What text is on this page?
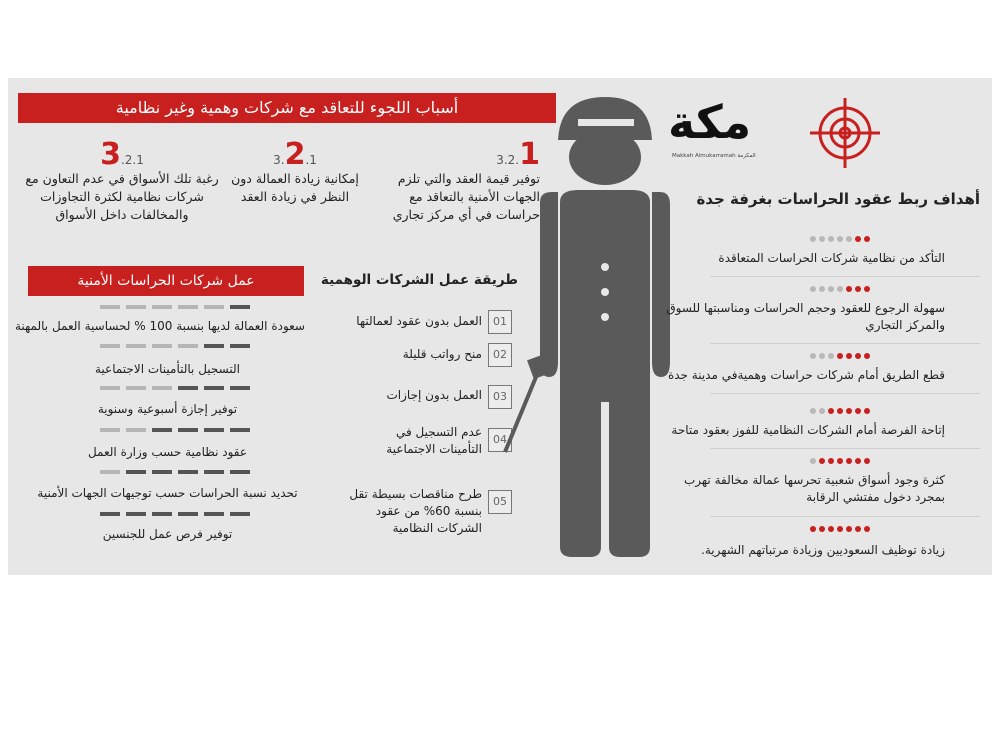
أسباب اللجوء للتعاقد مع شركات وهمية وغير نظامية
3.2.1
توفير قيمة العقد والتي تلزم الجهات الأمنية بالتعاقد مع حراسات في أي مركز تجاري
3.2.1
إمكانية زيادة العمالة دون النظر في زيادة العقد
3.2.1
رغبة تلك الأسواق في عدم التعاون مع شركات نظامية لكثرة التجاوزات والمخالفات داخل الأسواق
عمل شركات الحراسات الأمنية
سعودة العمالة لديها بنسبة 100 % لحساسية العمل بالمهنة
التسجيل بالتأمينات الاجتماعية
توفير إجازة أسبوعية وسنوية
عقود نظامية حسب وزارة العمل
تحديد نسبة الحراسات حسب توجيهات الجهات الأمنية
توفير فرص عمل للجنسين
طريقة عمل الشركات الوهمية
01
العمل بدون عقود لعمالتها
02
منح رواتب قليلة
03
العمل بدون إجازات
04
عدم التسجيل في التأمينات الاجتماعية
05
طرح مناقصات بسيطة تقل بنسبة 60% من عقود الشركات النظامية
مكة
Makkah Almukarramah المكرمة
أهداف ربط عقود الحراسات بغرفة جدة
التأكد من نظامية شركات الحراسات المتعاقدة
سهولة الرجوع للعقود وحجم الحراسات ومناسبتها للسوق والمركز التجاري
قطع الطريق أمام شركات حراسات وهميةفي مدينة جدة
إتاحة الفرصة أمام الشركات النظامية للفوز بعقود متاحة
كثرة وجود أسواق شعبية تحرسها عمالة مخالفة تهرب بمجرد دخول مفتشي الرقابة
زيادة توظيف السعوديين وزيادة مرتباتهم الشهرية.
